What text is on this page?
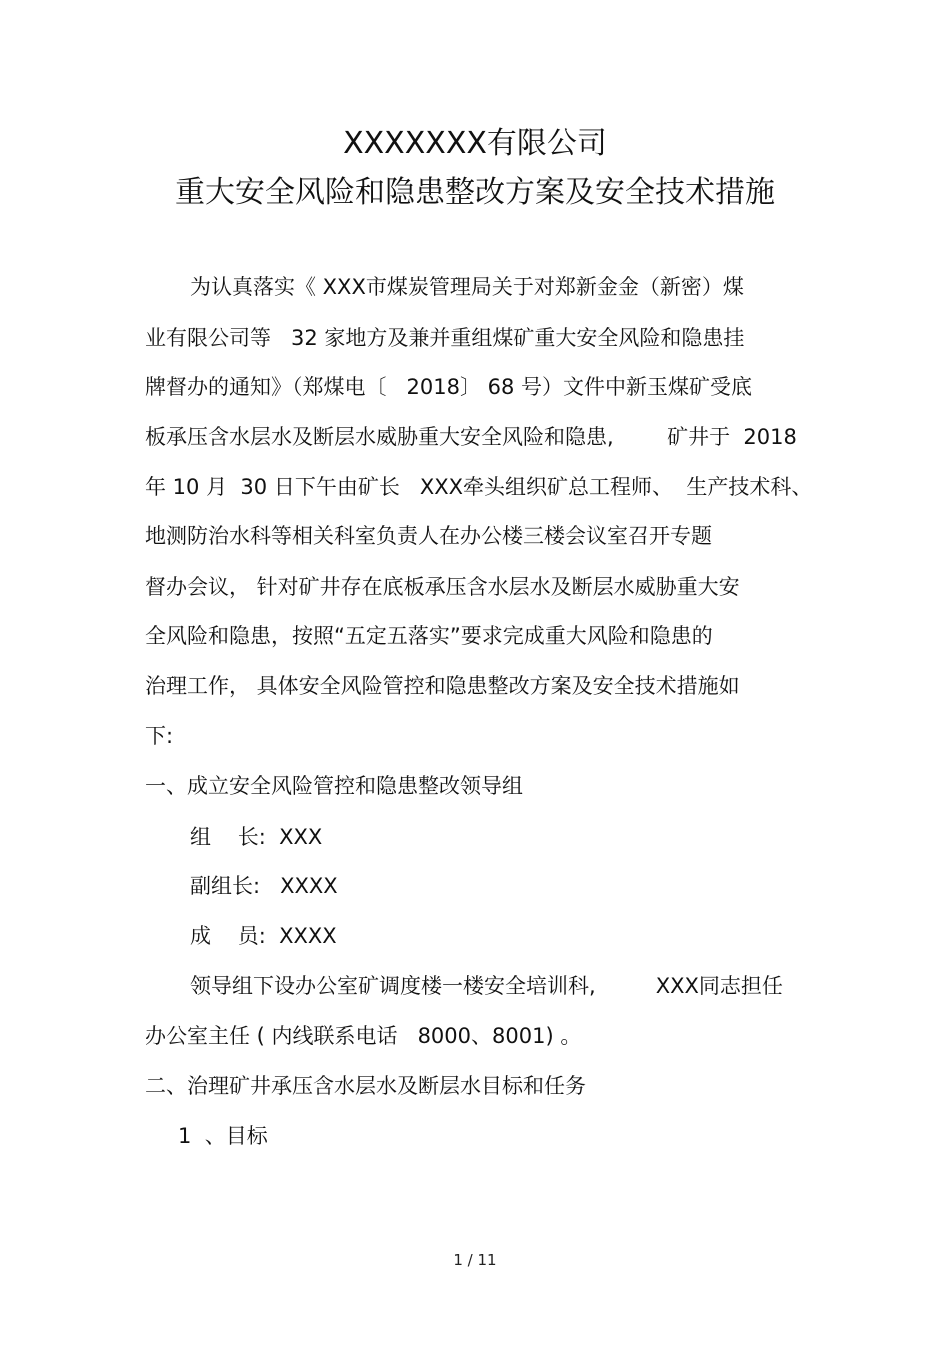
XXXXXXX有限公司
重大安全风险和隐患整改方案及安全技术措施
为认真落实《 XXX市煤炭管理局关于对郑新金金（新密）煤
业有限公司等   32 家地方及兼并重组煤矿重大安全风险和隐患挂
牌督办的通知》（郑煤电〔   2018〕 68 号）文件中新玉煤矿受底
板承压含水层水及断层水威胁重大安全风险和隐患,        矿井于  2018
年 10 月  30 日下午由矿长   XXX牵头组织矿总工程师、  生产技术科、
地测防治水科等相关科室负责人在办公楼三楼会议室召开专题
督办会议， 针对矿井存在底板承压含水层水及断层水威胁重大安
全风险和隐患，按照“五定五落实”要求完成重大风险和隐患的
治理工作， 具体安全风险管控和隐患整改方案及安全技术措施如
下:
一、成立安全风险管控和隐患整改领导组
组    长:  XXX
副组长:   XXXX
成    员:  XXXX
领导组下设办公室矿调度楼一楼安全培训科,         XXX同志担任
办公室主任 ( 内线联系电话   8000、8001) 。
二、治理矿井承压含水层水及断层水目标和任务
1  、目标
1 / 11
